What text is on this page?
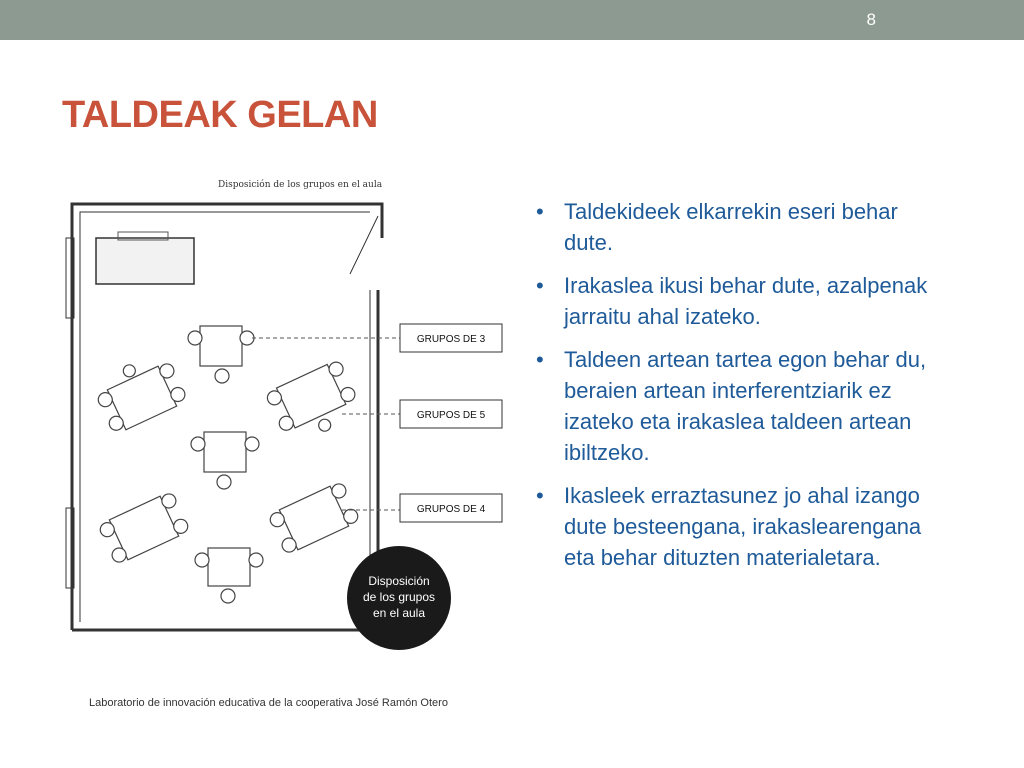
8
TALDEAK GELAN
Disposición de los grupos en el aula
GRUPOS DE 3
GRUPOS DE 5
GRUPOS DE 4
Disposición
de los grupos
en el aula
• Taldekideek elkarrekin eseri behar dute.
• Irakaslea ikusi behar dute, azalpenak jarraitu ahal izateko.
• Taldeen artean tartea egon behar du, beraien artean interferentziarik ez izateko eta irakaslea taldeen artean ibiltzeko.
• Ikasleek erraztasunez jo ahal izango dute besteengana, irakaslearengana eta behar dituzten materialetara.
Laboratorio de innovación educativa de la cooperativa José Ramón Otero
